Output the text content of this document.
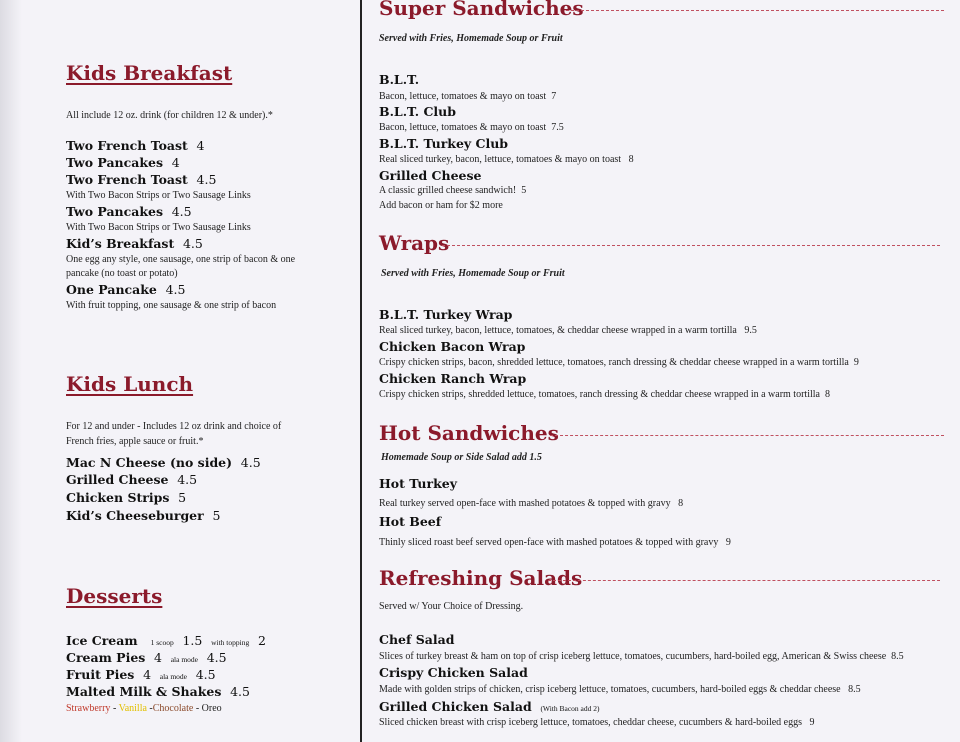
Kids Breakfast
All include 12 oz. drink (for children 12 & under).*
Two French Toast 4
Two Pancakes 4
Two French Toast 4.5
With Two Bacon Strips or Two Sausage Links
Two Pancakes 4.5
With Two Bacon Strips or Two Sausage Links
Kid’s Breakfast 4.5
One egg any style, one sausage, one strip of bacon & one
pancake (no toast or potato)
One Pancake 4.5
With fruit topping, one sausage & one strip of bacon
Kids Lunch
For 12 and under - Includes 12 oz drink and choice of
French fries, apple sauce or fruit.*
Mac N Cheese (no side) 4.5
Grilled Cheese 4.5
Chicken Strips 5
Kid’s Cheeseburger 5
Desserts
Ice Cream 1 scoop 1.5 with topping 2
Cream Pies 4 ala mode 4.5
Fruit Pies 4 ala mode 4.5
Malted Milk & Shakes 4.5
Strawberry - Vanilla -Chocolate - Oreo
Super Sandwiches
Served with Fries, Homemade Soup or Fruit
B.L.T.
Bacon, lettuce, tomatoes & mayo on toast 7
B.L.T. Club
Bacon, lettuce, tomatoes & mayo on toast 7.5
B.L.T. Turkey Club
Real sliced turkey, bacon, lettuce, tomatoes & mayo on toast 8
Grilled Cheese
A classic grilled cheese sandwich! 5
Add bacon or ham for $2 more
Wraps
Served with Fries, Homemade Soup or Fruit
B.L.T. Turkey Wrap
Real sliced turkey, bacon, lettuce, tomatoes, & cheddar cheese wrapped in a warm tortilla 9.5
Chicken Bacon Wrap
Crispy chicken strips, bacon, shredded lettuce, tomatoes, ranch dressing & cheddar cheese wrapped in a warm tortilla 9
Chicken Ranch Wrap
Crispy chicken strips, shredded lettuce, tomatoes, ranch dressing & cheddar cheese wrapped in a warm tortilla 8
Hot Sandwiches
Homemade Soup or Side Salad add 1.5
Hot Turkey
Real turkey served open-face with mashed potatoes & topped with gravy 8
Hot Beef
Thinly sliced roast beef served open-face with mashed potatoes & topped with gravy 9
Refreshing Salads
Served w/ Your Choice of Dressing.
Chef Salad
Slices of turkey breast & ham on top of crisp iceberg lettuce, tomatoes, cucumbers, hard-boiled egg, American & Swiss cheese 8.5
Crispy Chicken Salad
Made with golden strips of chicken, crisp iceberg lettuce, tomatoes, cucumbers, hard-boiled eggs & cheddar cheese 8.5
Grilled Chicken Salad (With Bacon add 2)
Sliced chicken breast with crisp iceberg lettuce, tomatoes, cheddar cheese, cucumbers & hard-boiled eggs 9
